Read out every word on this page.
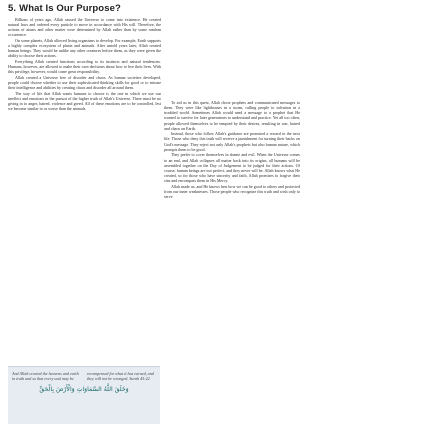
5. What Is Our Purpose?

Billions of years ago, Allah caused the Universe to come into existence. He created natural laws and ordered every particle to move in accordance with His will. Therefore, the actions of atoms and other matter were determined by Allah rather than by some random occurrence.

On some planets, Allah allowed living organisms to develop. For example, Earth supports a highly complex ecosystem of plants and animals. After untold years later, Allah created human beings. They would be unlike any other creatures before them, as they were given the ability to choose their actions.

Everything Allah created functions according to its instincts and natural tendencies. Humans, however, are allowed to make their own decisions about how to live their lives. With this privilege, however, would come great responsibility.

Allah created a Universe free of disorder and chaos. As human societies developed, people could choose whether to use their sophisticated thinking skills for good or to misuse their intelligence and abilities by creating chaos and disorder all around them.

The way of life that Allah wants humans to choose is the one in which we use our intellect and emotions in the pursuit of the higher truth of Allah's Universe. There must be no giving in to anger, hatred, violence and greed. All of these emotions are to be controlled, lest we become similar to or worse than the animals.

And Allah created the heavens and earth in truth and so that every soul may be recompensed for what it has earned, and they will not be wronged. Surah 45:22
وَخَلَقَ اللَّهُ السَّمَاوَاتِ وَالْأَرْضَ بِالْحَقِّ

To aid us in this quest, Allah chose prophets and communicated messages to them. They were like lighthouses in a storm, calling people to salvation in a troubled world. Sometimes Allah would send a message to a prophet that He wanted to survive for later generations to understand and practice. Yet all too often, people allowed themselves to be tempted by their desires, resulting in war, hatred and chaos on Earth.

Instead, those who follow Allah's guidance are promised a reward in the next life. Those who deny this truth will receive a punishment for turning their backs on God's message. They reject not only Allah's prophets but also human nature, which prompts them to be good.

They prefer to cover themselves in shame and evil. When the Universe comes to an end, and Allah collapses all matter back into its origins, all humans will be assembled together on the Day of Judgement to be judged for their actions. Of course, human beings are not perfect, and they never will be. Allah knows what He created, so for those who have sincerity and faith, Allah promises to forgive their sins and encompass them in His Mercy.

Allah made us, and He knows best how we can be good to others and protected from our inner weaknesses. Those people who recognize this truth and wish only to serve
